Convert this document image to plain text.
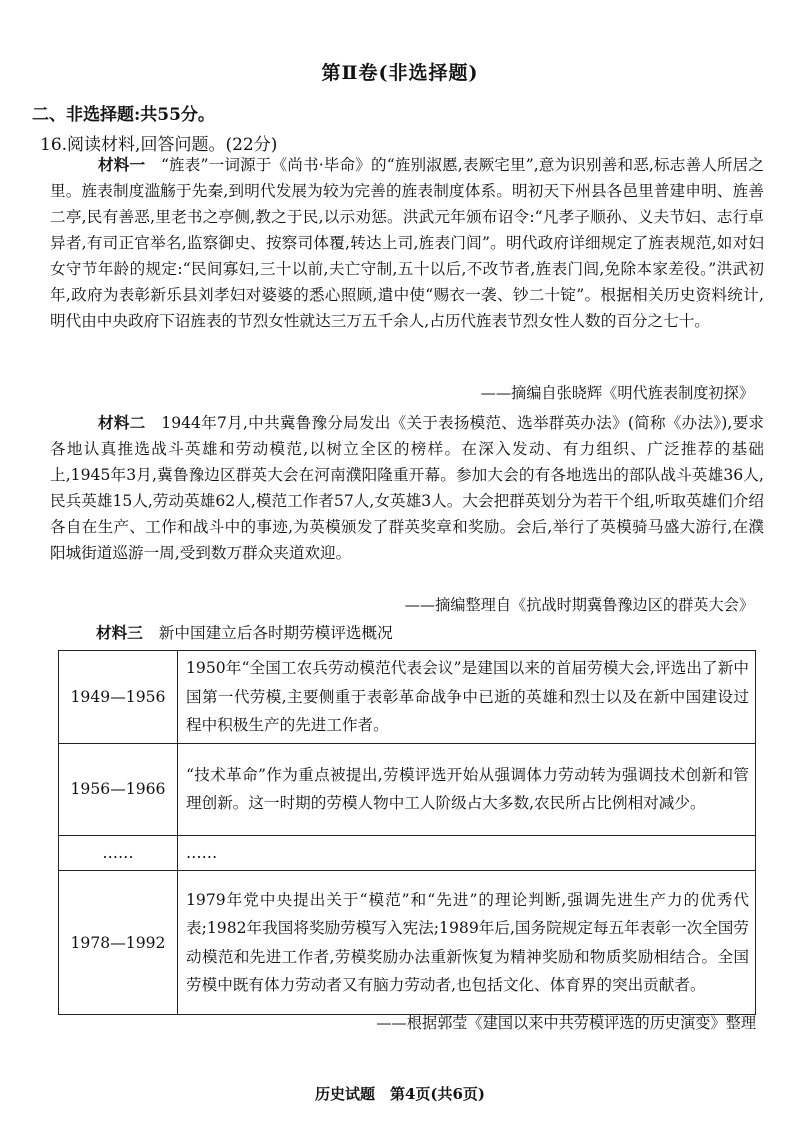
第Ⅱ卷(非选择题)
二、非选择题:共55分。
16.阅读材料,回答问题。(22分)

材料一　 “旌表”一词源于《尚书·毕命》的“旌别淑慝,表厥宅里”,意为识别善和恶,标志善人所居之里。旌表制度滥觞于先秦,到明代发展为较为完善的旌表制度体系。明初天下州县各邑里普建申明、旌善二亭,民有善恶,里老书之亭侧,教之于民,以示劝惩。洪武元年颁布诏令:“凡孝子顺孙、义夫节妇、志行卓异者,有司正官举名,监察御史、按察司体覆,转达上司,旌表门闾”。明代政府详细规定了旌表规范,如对妇女守节年龄的规定:“民间寡妇,三十以前,夫亡守制,五十以后,不改节者,旌表门闾,免除本家差役。”洪武初年,政府为表彰新乐县刘孝妇对婆婆的悉心照顾,遣中使“赐衣一袭、钞二十锭”。根据相关历史资料统计,明代由中央政府下诏旌表的节烈女性就达三万五千余人,占历代旌表节烈女性人数的百分之七十。

——摘编自张晓辉《明代旌表制度初探》

材料二　 1944年7月,中共冀鲁豫分局发出《关于表扬模范、选举群英办法》(简称《办法》),要求各地认真推选战斗英雄和劳动模范,以树立全区的榜样。在深入发动、有力组织、广泛推荐的基础上,1945年3月,冀鲁豫边区群英大会在河南濮阳隆重开幕。参加大会的有各地选出的部队战斗英雄36人,民兵英雄15人,劳动英雄62人,模范工作者57人,女英雄3人。大会把群英划分为若干个组,听取英雄们介绍各自在生产、工作和战斗中的事迹,为英模颁发了群英奖章和奖励。会后,举行了英模骑马盛大游行,在濮阳城街道巡游一周,受到数万群众夹道欢迎。

——摘编整理自《抗战时期冀鲁豫边区的群英大会》
材料三 新中国建立后各时期劳模评选概况
1949—1956	1950年“全国工农兵劳动模范代表会议”是建国以来的首届劳模大会,评选出了新中国第一代劳模,主要侧重于表彰革命战争中已逝的英雄和烈士以及在新中国建设过程中积极生产的先进工作者。
1956—1966	“技术革命”作为重点被提出,劳模评选开始从强调体力劳动转为强调技术创新和管理创新。这一时期的劳模人物中工人阶级占大多数,农民所占比例相对减少。
……	……
1978—1992	1979年党中央提出关于“模范”和“先进”的理论判断,强调先进生产力的优秀代表;1982年我国将奖励劳模写入宪法;1989年后,国务院规定每五年表彰一次全国劳动模范和先进工作者,劳模奖励办法重新恢复为精神奖励和物质奖励相结合。全国劳模中既有体力劳动者又有脑力劳动者,也包括文化、体育界的突出贡献者。
——根据郭莹《建国以来中共劳模评选的历史演变》整理
历史试题　第4页(共6页)
